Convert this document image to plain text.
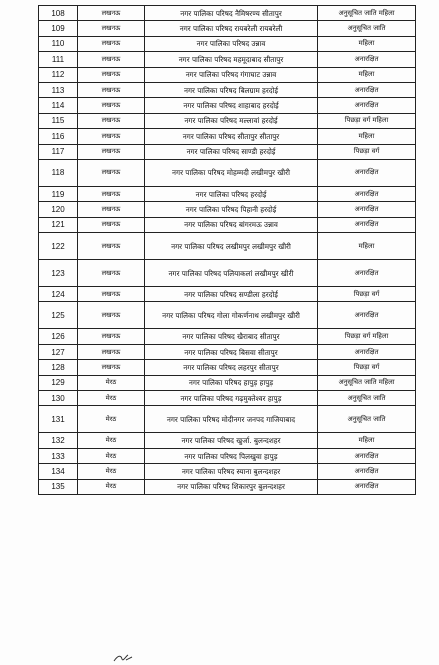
108	लखनऊ	नगर पालिका परिषद नैमिषरण्य सीतापुर	अनुसूचित जाति महिला
109	लखनऊ	नगर पालिका परिषद रायबरेली रायबरेली	अनुसूचित जाति
110	लखनऊ	नगर पालिका परिषद उन्नाव	महिला
111	लखनऊ	नगर पालिका परिषद महमूदाबाद सीतापुर	अनारक्षित
112	लखनऊ	नगर पालिका परिषद गंगाघाट उन्नाव	महिला
113	लखनऊ	नगर पालिका परिषद बिलग्राम हरदोई	अनारक्षित
114	लखनऊ	नगर पालिका परिषद शाहाबाद हरदोई	अनारक्षित
115	लखनऊ	नगर पालिका परिषद मल्लावां हरदोई	पिछड़ा वर्ग महिला
116	लखनऊ	नगर पालिका परिषद सीतापुर सीतापुर	महिला
117	लखनऊ	नगर पालिका परिषद साण्डी हरदोई	पिछड़ा वर्ग
118	लखनऊ	नगर पालिका परिषद मोहम्मदी लखीमपुर खीरी	अनारक्षित
119	लखनऊ	नगर पालिका परिषद हरदोई	अनारक्षित
120	लखनऊ	नगर पालिका परिषद पिहानी हरदोई	अनारक्षित
121	लखनऊ	नगर पालिका परिषद बांगरमऊ उन्नाव	अनारक्षित
122	लखनऊ	नगर पालिका परिषद लखीमपुर लखीमपुर खीरी	महिला
123	लखनऊ	नगर पालिका परिषद पलियाकलां लखीमपुर खीरी	अनारक्षित
124	लखनऊ	नगर पालिका परिषद सण्डीला हरदोई	पिछड़ा वर्ग
125	लखनऊ	नगर पालिका परिषद गोला गोकर्णनाथ लखीमपुर खीरी	अनारक्षित
126	लखनऊ	नगर पालिका परिषद खैराबाद सीतापुर	पिछड़ा वर्ग महिला
127	लखनऊ	नगर पालिका परिषद बिसवा सीतापुर	अनारक्षित
128	लखनऊ	नगर पालिका परिषद लहरपुर सीतापुर	पिछड़ा वर्ग
129	मेरठ	नगर पालिका परिषद हापुड़ हापुड़	अनुसूचित जाति महिला
130	मेरठ	नगर पालिका परिषद गढ़मुक्तेश्वर हापुड़	अनुसूचित जाति
131	मेरठ	नगर पालिका परिषद मोदीनगर जनपद गाजियाबाद	अनुसूचित जाति
132	मेरठ	नगर पालिका परिषद खुर्जा. बुलन्दशहर	महिला
133	मेरठ	नगर पालिका परिषद पिलखुवा हापुड़	अनारक्षित
134	मेरठ	नगर पालिका परिषद स्याना बुलन्दशहर	अनारक्षित
135	मेरठ	नगर पालिका परिषद शिकारपुर बुलन्दशहर	अनारक्षित
